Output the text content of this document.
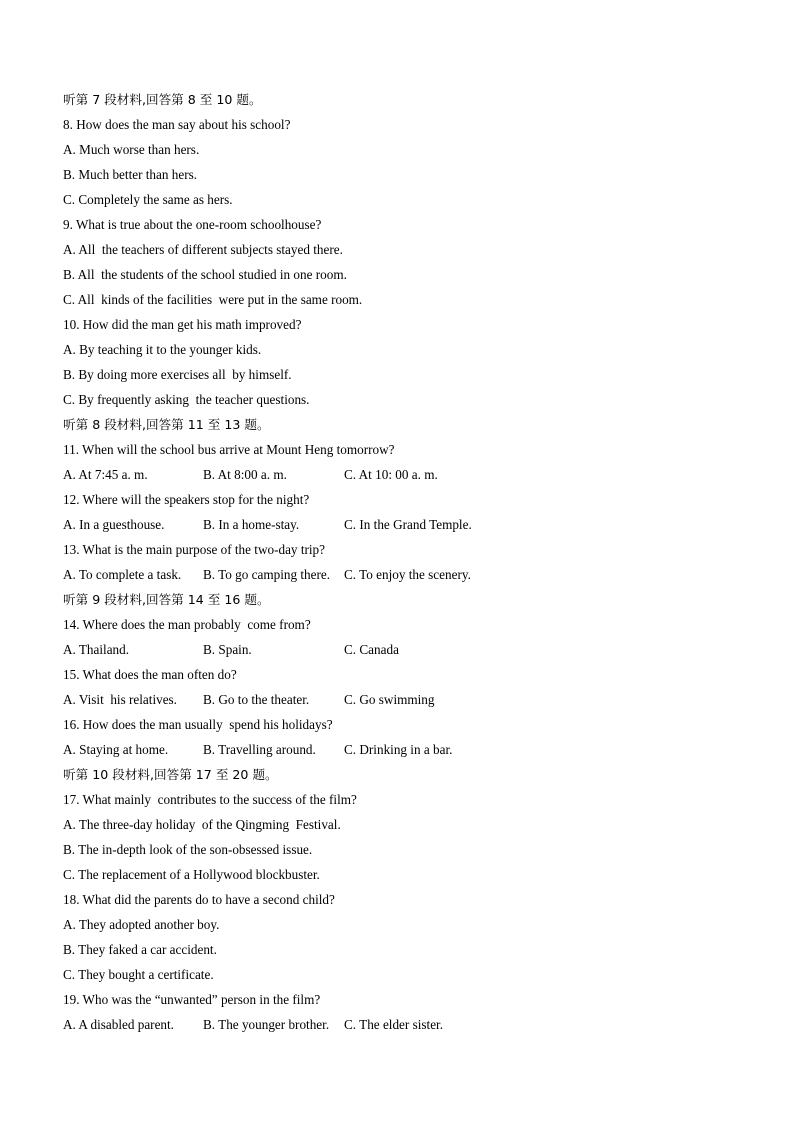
听第 7 段材料,回答第 8 至 10 题。
8. How does the man say about his school?
A. Much worse than hers.
B. Much better than hers.
C. Completely the same as hers.
9. What is true about the one-room schoolhouse?
A. All  the teachers of different subjects stayed there.
B. All  the students of the school studied in one room.
C. All  kinds of the facilities  were put in the same room.
10. How did the man get his math improved?
A. By teaching it to the younger kids.
B. By doing more exercises all  by himself.
C. By frequently asking  the teacher questions.
听第 8 段材料,回答第 11 至 13 题。
11. When will the school bus arrive at Mount Heng tomorrow?
A. At 7:45 a. m.	B. At 8:00 a. m.	C. At 10: 00 a. m.
12. Where will the speakers stop for the night?
A. In a guesthouse.	B. In a home-stay.	C. In the Grand Temple.
13. What is the main purpose of the two-day trip?
A. To complete a task.	B. To go camping there.	C. To enjoy the scenery.
听第 9 段材料,回答第 14 至 16 题。
14. Where does the man probably  come from?
A. Thailand.	B. Spain.	C. Canada
15. What does the man often do?
A. Visit  his relatives.	B. Go to the theater.	C. Go swimming
16. How does the man usually  spend his holidays?
A. Staying at home.	B. Travelling around.	C. Drinking in a bar.
听第 10 段材料,回答第 17 至 20 题。
17. What mainly  contributes to the success of the film?
A. The three-day holiday  of the Qingming  Festival.
B. The in-depth look of the son-obsessed issue.
C. The replacement of a Hollywood blockbuster.
18. What did the parents do to have a second child?
A. They adopted another boy.
B. They faked a car accident.
C. They bought a certificate.
19. Who was the “unwanted” person in the film?
A. A disabled parent.	B. The younger brother.	C. The elder sister.
